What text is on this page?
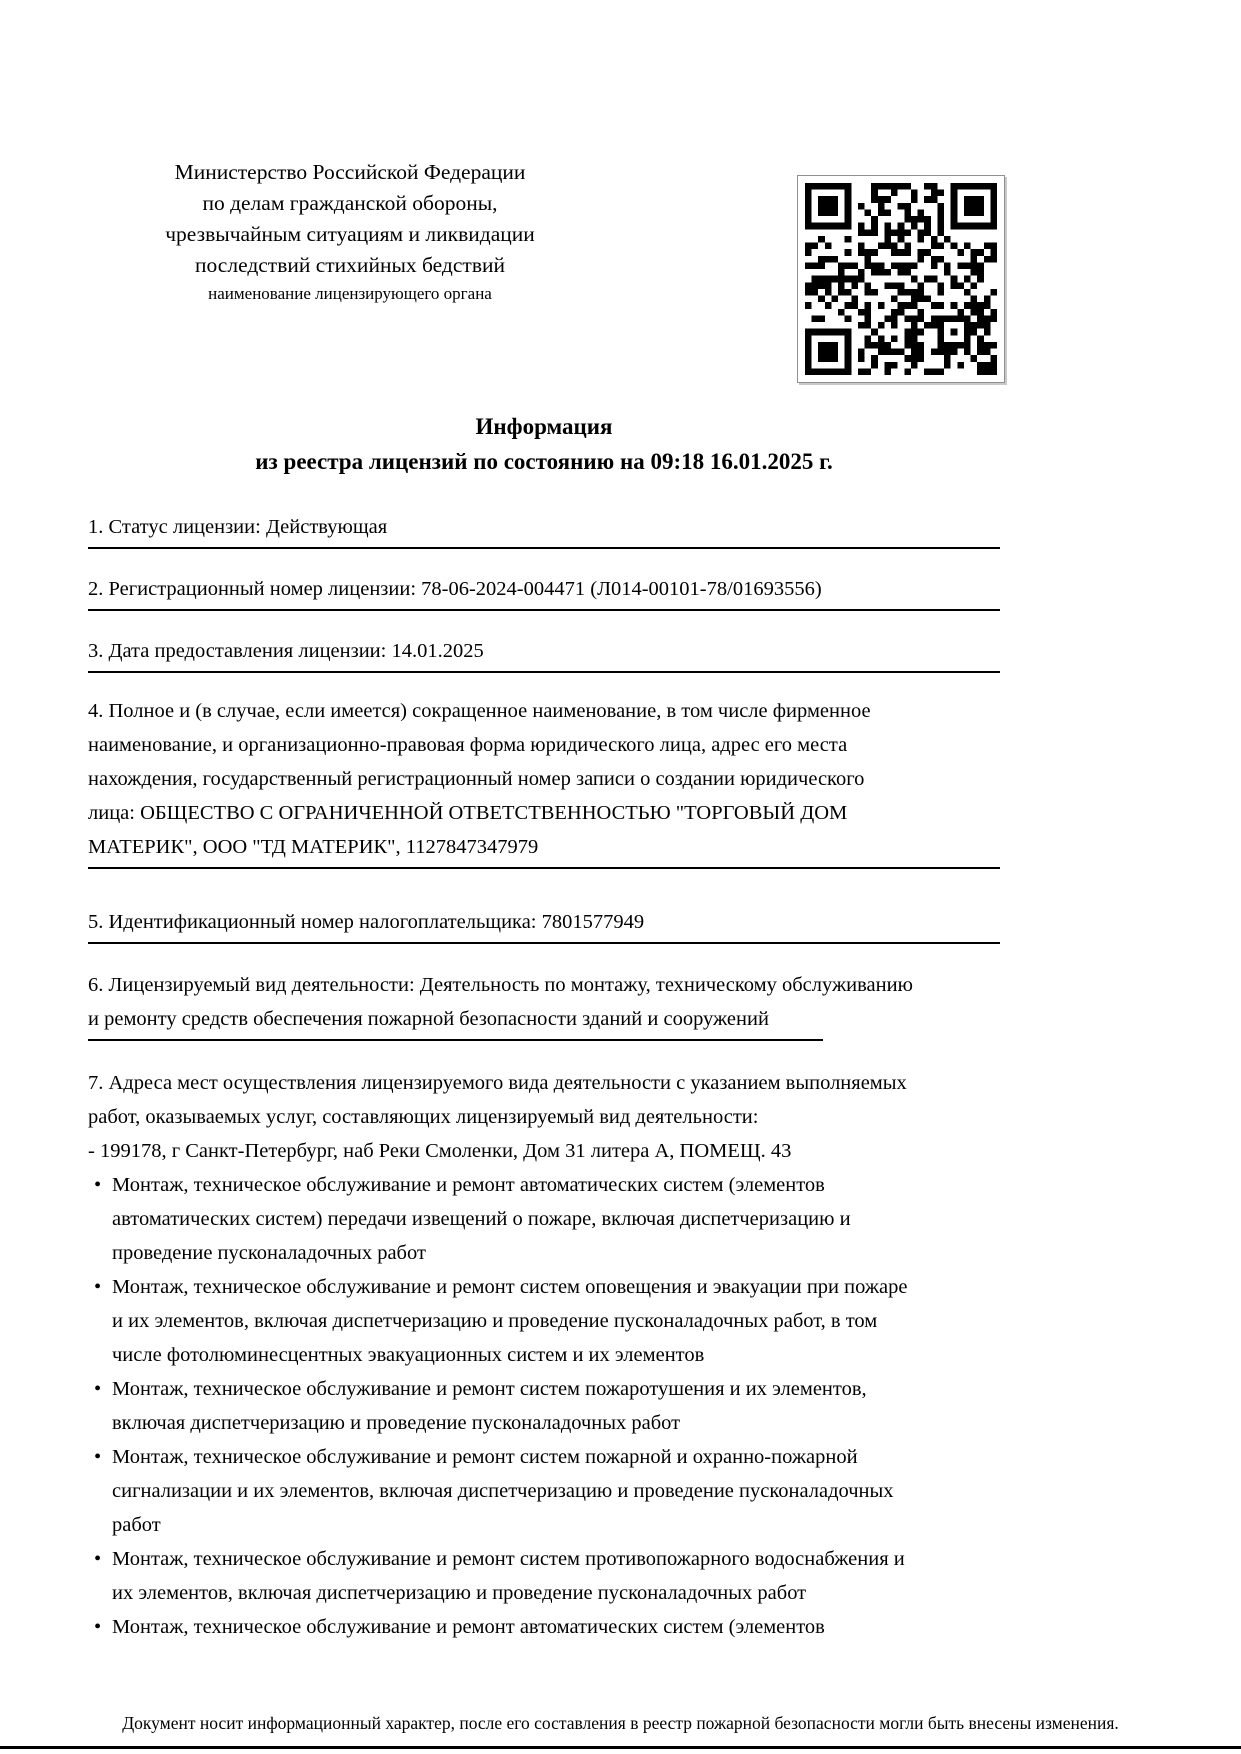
Министерство Российской Федерации
по делам гражданской обороны,
чрезвычайным ситуациям и ликвидации
последствий стихийных бедствий
наименование лицензирующего органа
Информация
из реестра лицензий по состоянию на 09:18 16.01.2025 г.
1. Статус лицензии: Действующая
2. Регистрационный номер лицензии: 78-06-2024-004471 (Л014-00101-78/01693556)
3. Дата предоставления лицензии: 14.01.2025
4. Полное и (в случае, если имеется) сокращенное наименование, в том числе фирменное
наименование, и организационно-правовая форма юридического лица, адрес его места
нахождения, государственный регистрационный номер записи о создании юридического
лица: ОБЩЕСТВО С ОГРАНИЧЕННОЙ ОТВЕТСТВЕННОСТЬЮ "ТОРГОВЫЙ ДОМ
МАТЕРИК", ООО "ТД МАТЕРИК", 1127847347979
5. Идентификационный номер налогоплательщика: 7801577949
6. Лицензируемый вид деятельности: Деятельность по монтажу, техническому обслуживанию
и ремонту средств обеспечения пожарной безопасности зданий и сооружений
7. Адреса мест осуществления лицензируемого вида деятельности с указанием выполняемых
работ, оказываемых услуг, составляющих лицензируемый вид деятельности:
- 199178, г Санкт-Петербург, наб Реки Смоленки, Дом 31 литера А, ПОМЕЩ. 43
• Монтаж, техническое обслуживание и ремонт автоматических систем (элементов
автоматических систем) передачи извещений о пожаре, включая диспетчеризацию и
проведение пусконаладочных работ
• Монтаж, техническое обслуживание и ремонт систем оповещения и эвакуации при пожаре
и их элементов, включая диспетчеризацию и проведение пусконаладочных работ, в том
числе фотолюминесцентных эвакуационных систем и их элементов
• Монтаж, техническое обслуживание и ремонт систем пожаротушения и их элементов,
включая диспетчеризацию и проведение пусконаладочных работ
• Монтаж, техническое обслуживание и ремонт систем пожарной и охранно-пожарной
сигнализации и их элементов, включая диспетчеризацию и проведение пусконаладочных
работ
• Монтаж, техническое обслуживание и ремонт систем противопожарного водоснабжения и
их элементов, включая диспетчеризацию и проведение пусконаладочных работ
• Монтаж, техническое обслуживание и ремонт автоматических систем (элементов
Документ носит информационный характер, после его составления в реестр пожарной безопасности могли быть внесены изменения.
